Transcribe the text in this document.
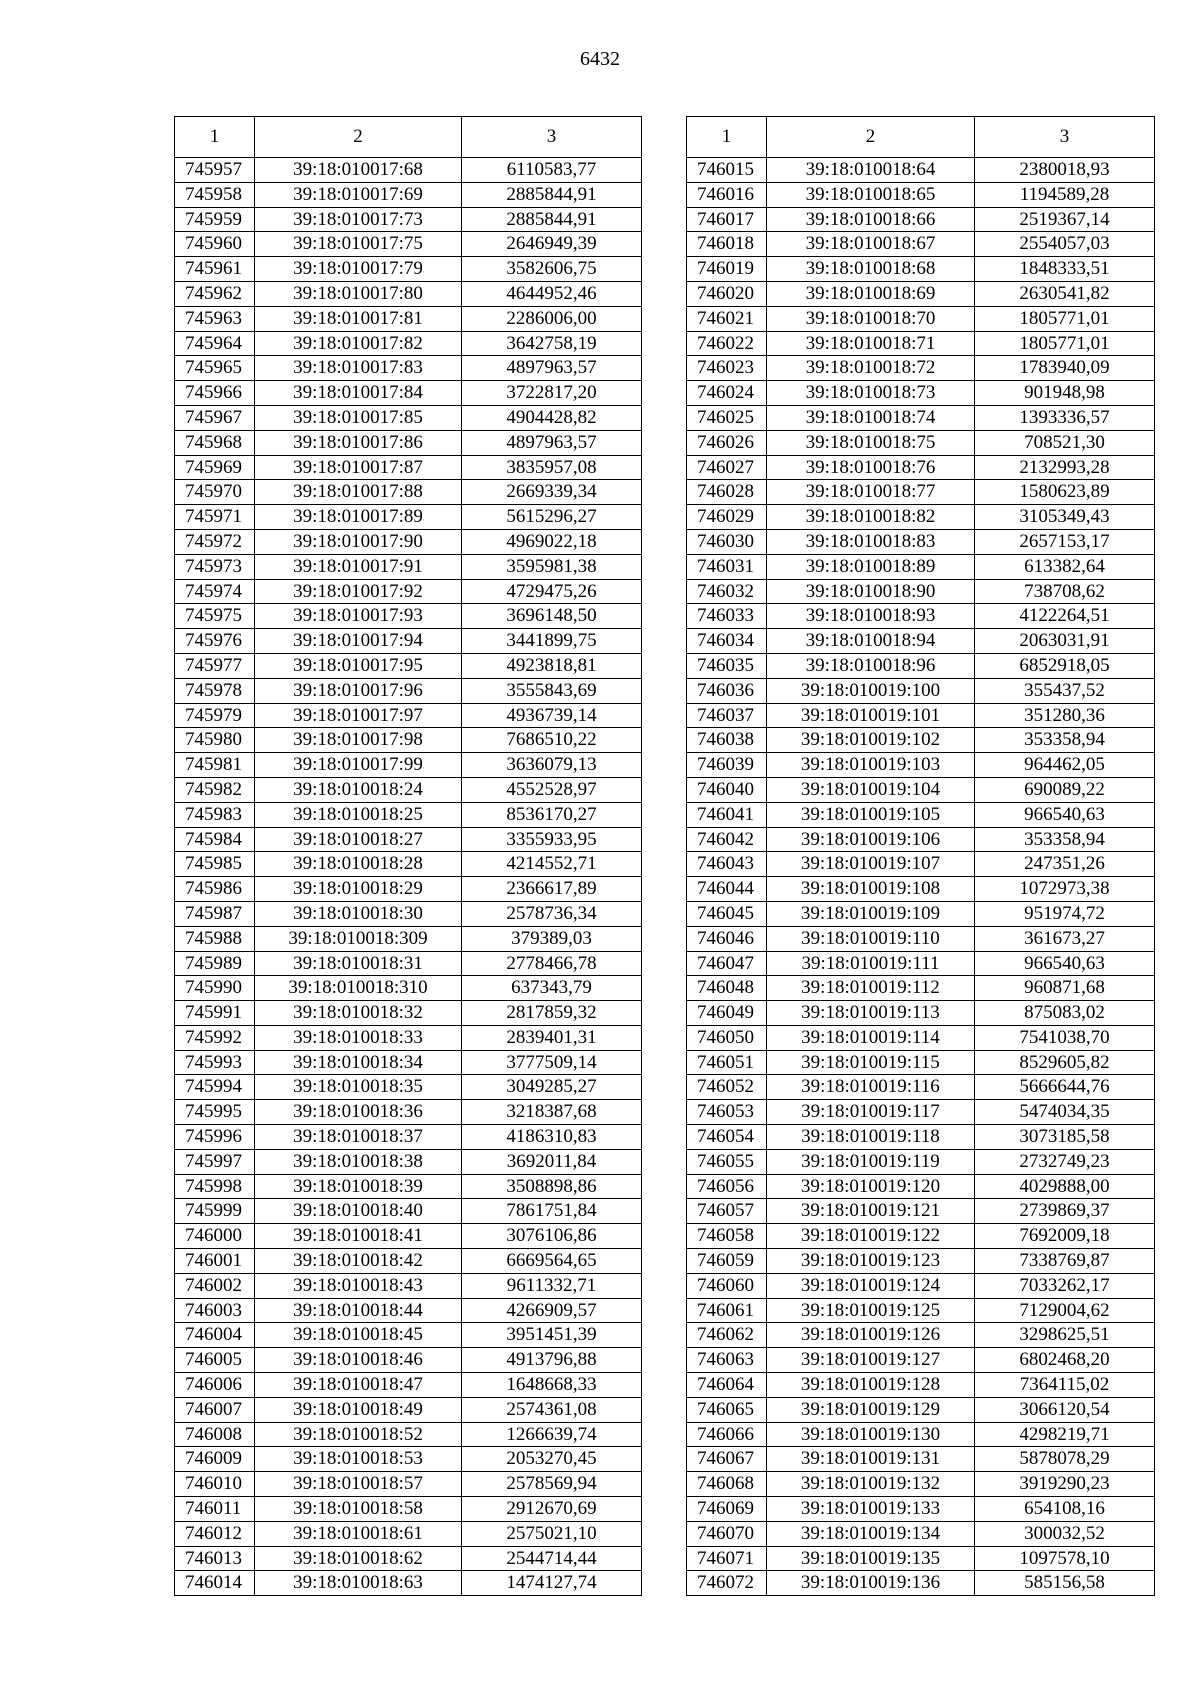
6432
1	2	3
745957	39:18:010017:68	6110583,77
745958	39:18:010017:69	2885844,91
745959	39:18:010017:73	2885844,91
745960	39:18:010017:75	2646949,39
745961	39:18:010017:79	3582606,75
745962	39:18:010017:80	4644952,46
745963	39:18:010017:81	2286006,00
745964	39:18:010017:82	3642758,19
745965	39:18:010017:83	4897963,57
745966	39:18:010017:84	3722817,20
745967	39:18:010017:85	4904428,82
745968	39:18:010017:86	4897963,57
745969	39:18:010017:87	3835957,08
745970	39:18:010017:88	2669339,34
745971	39:18:010017:89	5615296,27
745972	39:18:010017:90	4969022,18
745973	39:18:010017:91	3595981,38
745974	39:18:010017:92	4729475,26
745975	39:18:010017:93	3696148,50
745976	39:18:010017:94	3441899,75
745977	39:18:010017:95	4923818,81
745978	39:18:010017:96	3555843,69
745979	39:18:010017:97	4936739,14
745980	39:18:010017:98	7686510,22
745981	39:18:010017:99	3636079,13
745982	39:18:010018:24	4552528,97
745983	39:18:010018:25	8536170,27
745984	39:18:010018:27	3355933,95
745985	39:18:010018:28	4214552,71
745986	39:18:010018:29	2366617,89
745987	39:18:010018:30	2578736,34
745988	39:18:010018:309	379389,03
745989	39:18:010018:31	2778466,78
745990	39:18:010018:310	637343,79
745991	39:18:010018:32	2817859,32
745992	39:18:010018:33	2839401,31
745993	39:18:010018:34	3777509,14
745994	39:18:010018:35	3049285,27
745995	39:18:010018:36	3218387,68
745996	39:18:010018:37	4186310,83
745997	39:18:010018:38	3692011,84
745998	39:18:010018:39	3508898,86
745999	39:18:010018:40	7861751,84
746000	39:18:010018:41	3076106,86
746001	39:18:010018:42	6669564,65
746002	39:18:010018:43	9611332,71
746003	39:18:010018:44	4266909,57
746004	39:18:010018:45	3951451,39
746005	39:18:010018:46	4913796,88
746006	39:18:010018:47	1648668,33
746007	39:18:010018:49	2574361,08
746008	39:18:010018:52	1266639,74
746009	39:18:010018:53	2053270,45
746010	39:18:010018:57	2578569,94
746011	39:18:010018:58	2912670,69
746012	39:18:010018:61	2575021,10
746013	39:18:010018:62	2544714,44
746014	39:18:010018:63	1474127,74
1	2	3
746015	39:18:010018:64	2380018,93
746016	39:18:010018:65	1194589,28
746017	39:18:010018:66	2519367,14
746018	39:18:010018:67	2554057,03
746019	39:18:010018:68	1848333,51
746020	39:18:010018:69	2630541,82
746021	39:18:010018:70	1805771,01
746022	39:18:010018:71	1805771,01
746023	39:18:010018:72	1783940,09
746024	39:18:010018:73	901948,98
746025	39:18:010018:74	1393336,57
746026	39:18:010018:75	708521,30
746027	39:18:010018:76	2132993,28
746028	39:18:010018:77	1580623,89
746029	39:18:010018:82	3105349,43
746030	39:18:010018:83	2657153,17
746031	39:18:010018:89	613382,64
746032	39:18:010018:90	738708,62
746033	39:18:010018:93	4122264,51
746034	39:18:010018:94	2063031,91
746035	39:18:010018:96	6852918,05
746036	39:18:010019:100	355437,52
746037	39:18:010019:101	351280,36
746038	39:18:010019:102	353358,94
746039	39:18:010019:103	964462,05
746040	39:18:010019:104	690089,22
746041	39:18:010019:105	966540,63
746042	39:18:010019:106	353358,94
746043	39:18:010019:107	247351,26
746044	39:18:010019:108	1072973,38
746045	39:18:010019:109	951974,72
746046	39:18:010019:110	361673,27
746047	39:18:010019:111	966540,63
746048	39:18:010019:112	960871,68
746049	39:18:010019:113	875083,02
746050	39:18:010019:114	7541038,70
746051	39:18:010019:115	8529605,82
746052	39:18:010019:116	5666644,76
746053	39:18:010019:117	5474034,35
746054	39:18:010019:118	3073185,58
746055	39:18:010019:119	2732749,23
746056	39:18:010019:120	4029888,00
746057	39:18:010019:121	2739869,37
746058	39:18:010019:122	7692009,18
746059	39:18:010019:123	7338769,87
746060	39:18:010019:124	7033262,17
746061	39:18:010019:125	7129004,62
746062	39:18:010019:126	3298625,51
746063	39:18:010019:127	6802468,20
746064	39:18:010019:128	7364115,02
746065	39:18:010019:129	3066120,54
746066	39:18:010019:130	4298219,71
746067	39:18:010019:131	5878078,29
746068	39:18:010019:132	3919290,23
746069	39:18:010019:133	654108,16
746070	39:18:010019:134	300032,52
746071	39:18:010019:135	1097578,10
746072	39:18:010019:136	585156,58
